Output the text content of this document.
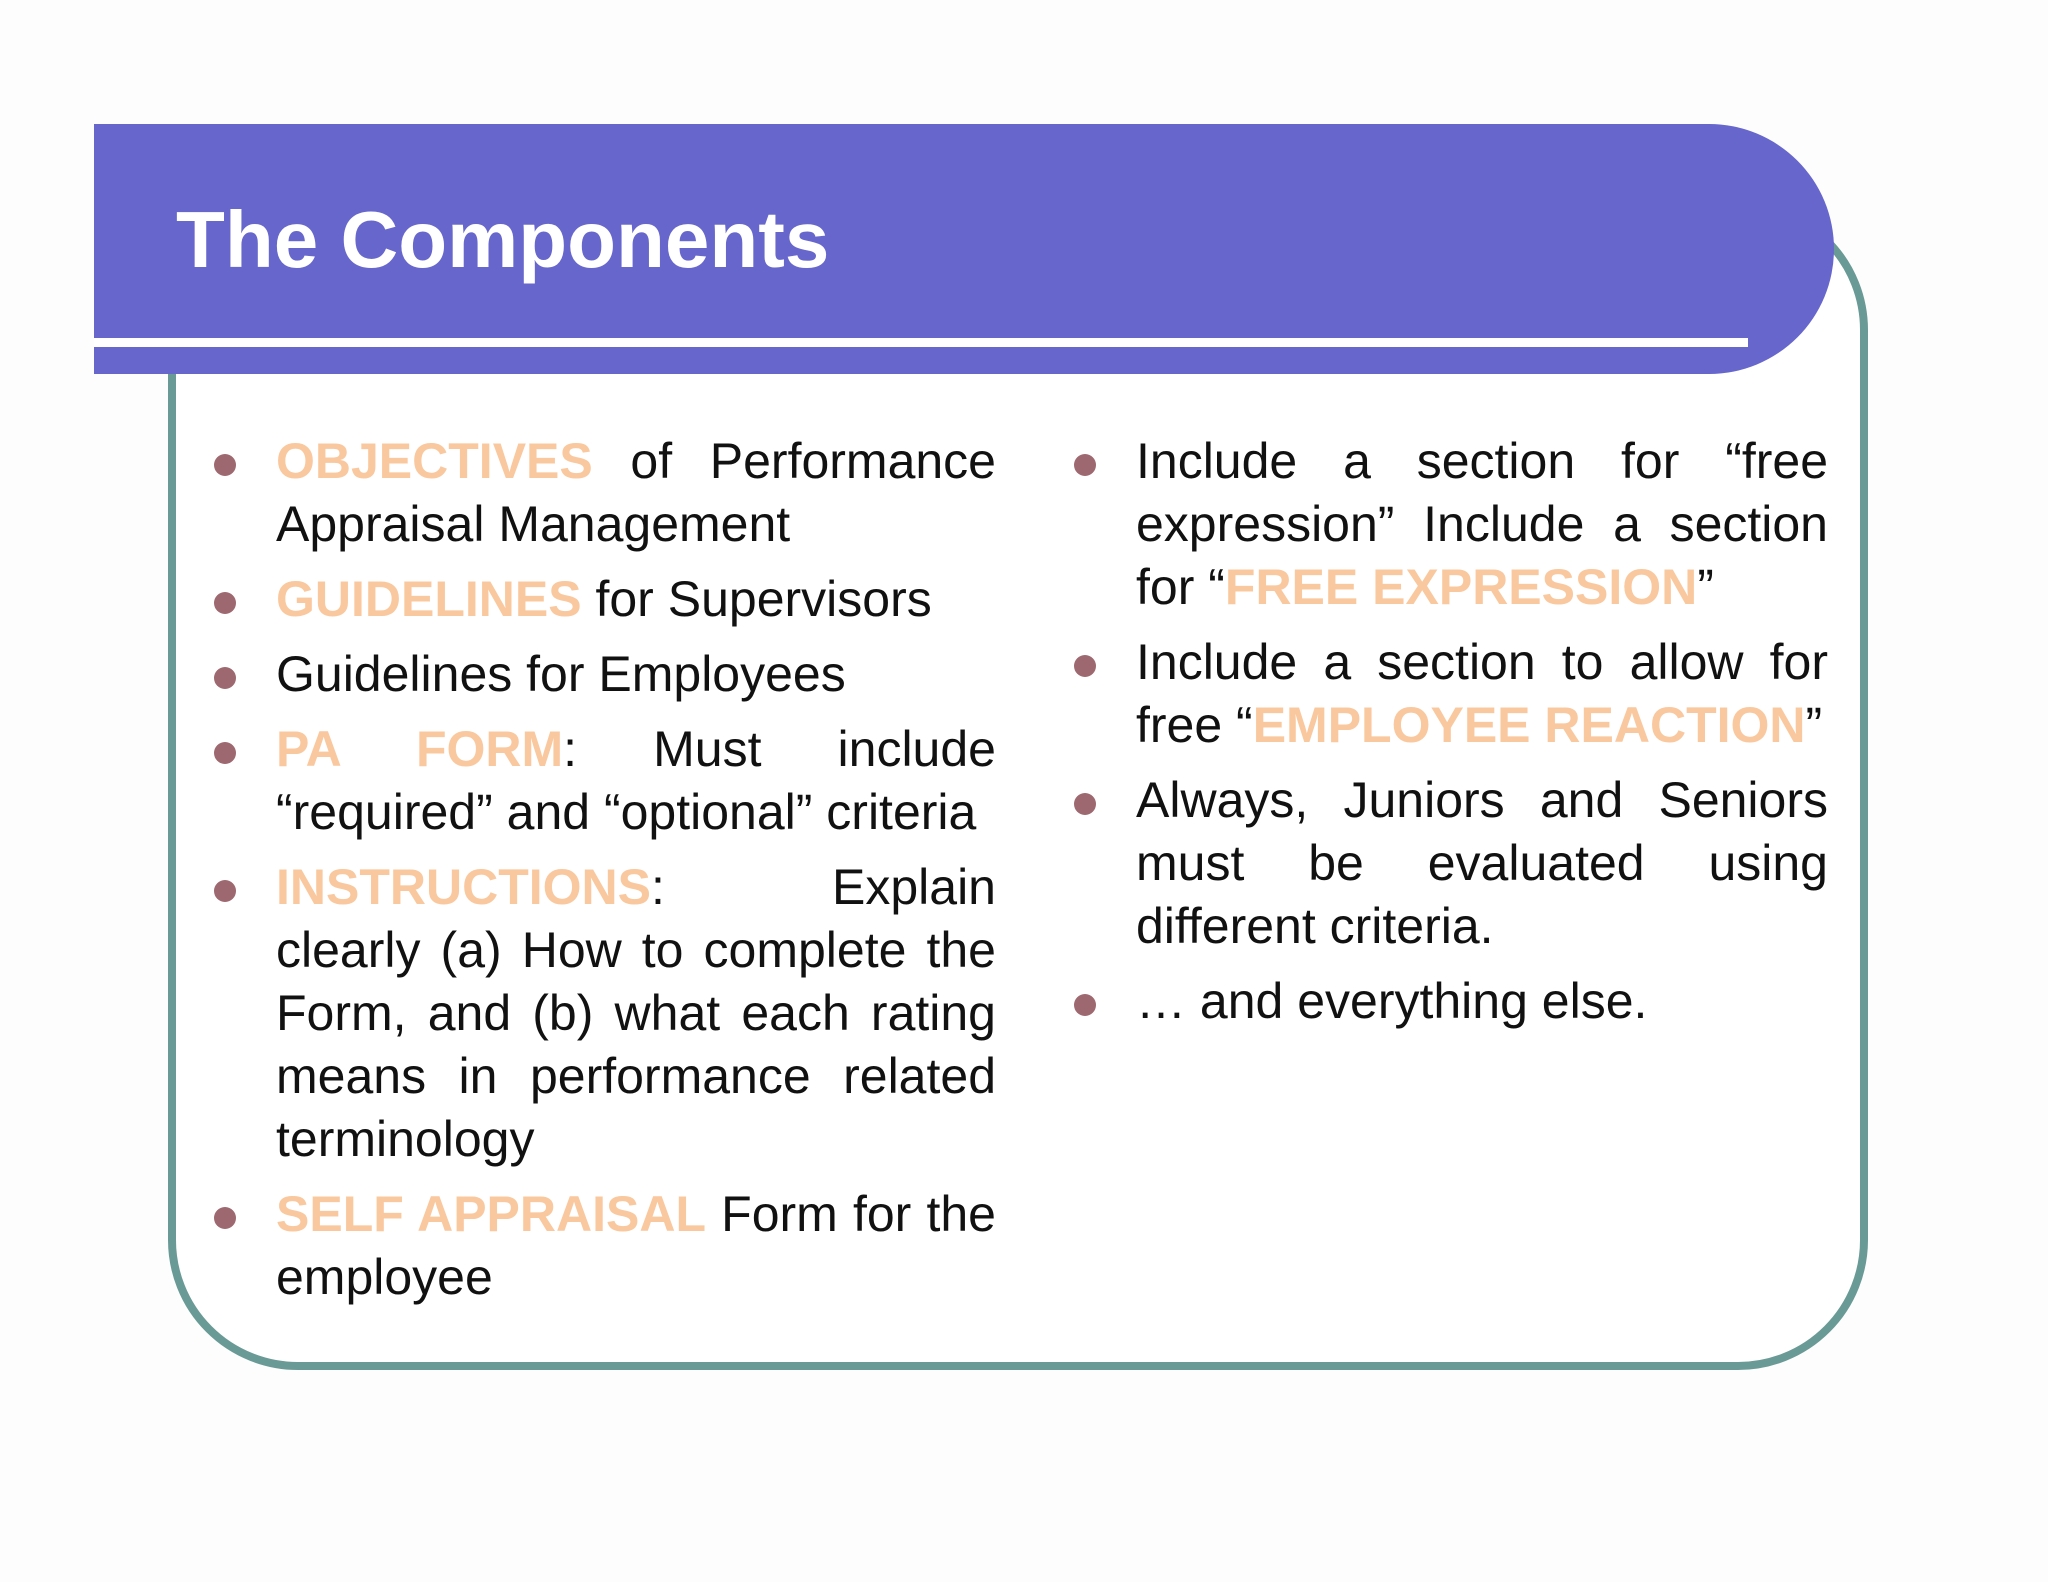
The Components
OBJECTIVES of Performance Appraisal Management
GUIDELINES for Supervisors
Guidelines for Employees
PA FORM: Must include “required” and “optional” criteria
INSTRUCTIONS: Explain clearly (a) How to complete the Form, and (b) what each rating means in performance related terminology
SELF APPRAISAL Form for the employee
Include a section for “free expression” Include a section for “FREE EXPRESSION”
Include a section to allow for free “EMPLOYEE REACTION”
Always, Juniors and Seniors must be evaluated using different criteria.
… and everything else.
